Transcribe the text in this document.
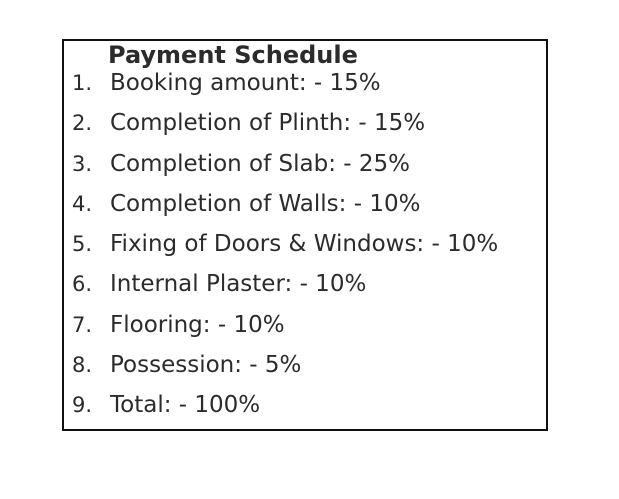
Payment Schedule
1. Booking amount: - 15%
2. Completion of Plinth: - 15%
3. Completion of Slab: - 25%
4. Completion of Walls: - 10%
5. Fixing of Doors & Windows: - 10%
6. Internal Plaster: - 10%
7. Flooring: - 10%
8. Possession: - 5%
9. Total: - 100%
